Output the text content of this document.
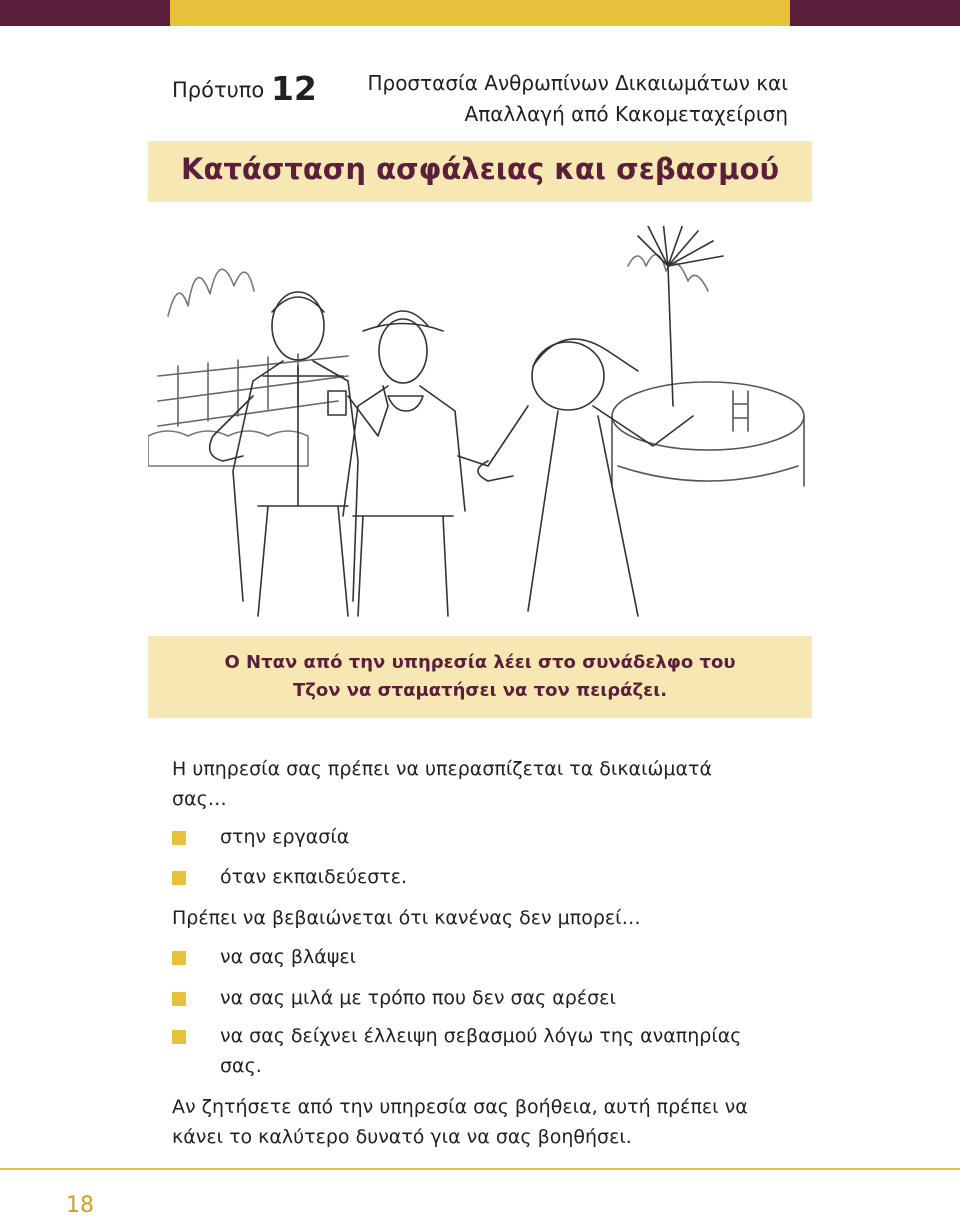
Πρότυπο 12	Προστασία Ανθρωπίνων Δικαιωμάτων και
Απαλλαγή από Κακομεταχείριση
Κατάσταση ασφάλειας και σεβασμού
Ο Νταν από την υπηρεσία λέει στο συνάδελφο του
Τζον να σταματήσει να τον πειράζει.
Η υπηρεσία σας πρέπει να υπερασπίζεται τα δικαιώματά
σας…
στην εργασία
όταν εκπαιδεύεστε.
Πρέπει να βεβαιώνεται ότι κανένας δεν μπορεί…
να σας βλάψει
να σας μιλά με τρόπο που δεν σας αρέσει
να σας δείχνει έλλειψη σεβασμού λόγω της αναπηρίας
σας.
Αν ζητήσετε από την υπηρεσία σας βοήθεια, αυτή πρέπει να
κάνει το καλύτερο δυνατό για να σας βοηθήσει.
18
